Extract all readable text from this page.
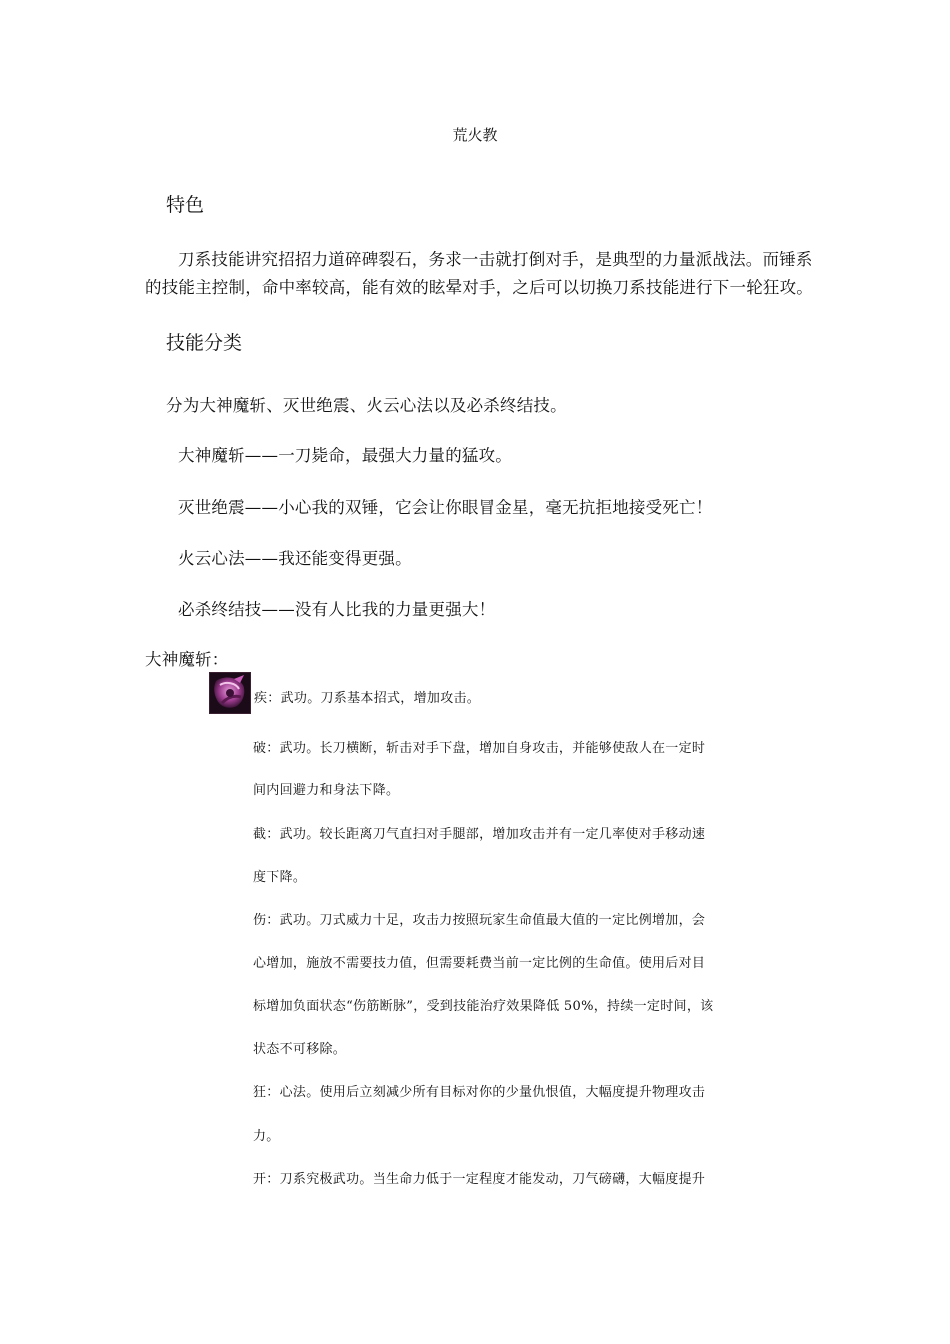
荒火教
特色
刀系技能讲究招招力道碎碑裂石，务求一击就打倒对手，是典型的力量派战法。而锤系
的技能主控制，命中率较高，能有效的眩晕对手，之后可以切换刀系技能进行下一轮狂攻。
技能分类
分为大神魔斩、灭世绝震、火云心法以及必杀终结技。
大神魔斩——一刀毙命，最强大力量的猛攻。
灭世绝震——小心我的双锤，它会让你眼冒金星，毫无抗拒地接受死亡！
火云心法——我还能变得更强。
必杀终结技——没有人比我的力量更强大！
大神魔斩：
疾：武功。刀系基本招式，增加攻击。
破：武功。长刀横断，斩击对手下盘，增加自身攻击，并能够使敌人在一定时
间内回避力和身法下降。
截：武功。较长距离刀气直扫对手腿部，增加攻击并有一定几率使对手移动速
度下降。
伤：武功。刀式威力十足，攻击力按照玩家生命值最大值的一定比例增加，会
心增加，施放不需要技力值，但需要耗费当前一定比例的生命值。使用后对目
标增加负面状态“伤筋断脉”，受到技能治疗效果降低 50%，持续一定时间，该
状态不可移除。
狂：心法。使用后立刻减少所有目标对你的少量仇恨值，大幅度提升物理攻击
力。
开：刀系究极武功。当生命力低于一定程度才能发动，刀气磅礴，大幅度提升
